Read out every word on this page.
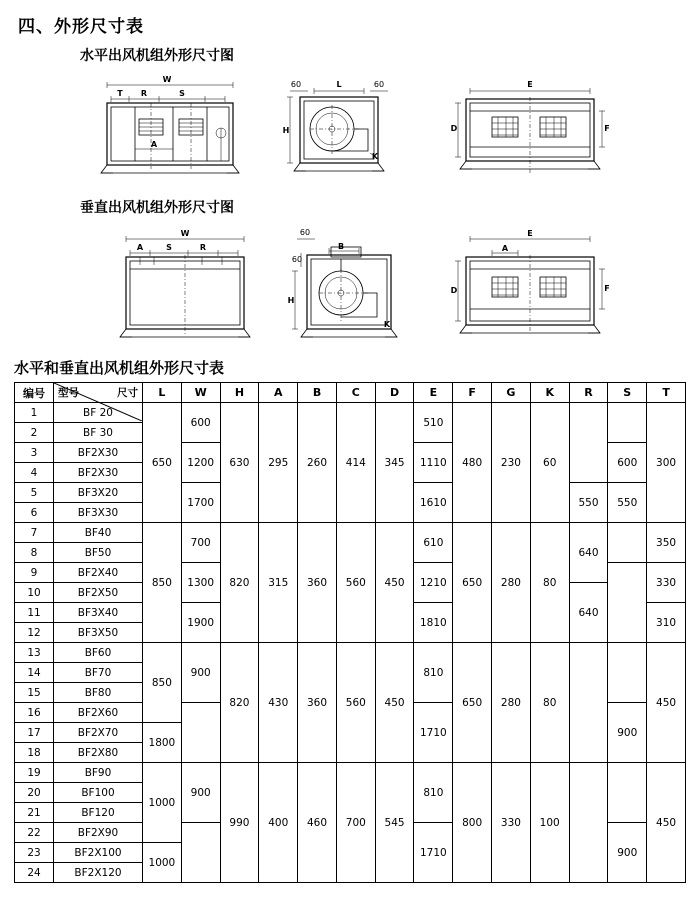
四、外形尺寸表

水平出风机组外形尺寸图

W
T R	S
A
60	L	60
H
K
E
F
D

垂直出风机组外形尺寸图

W
A	S	R
60
B
60
H
K
E
A
F
D

水平和垂直出风机组外形尺寸表

编号	尺寸
型号	L	W	H	A	B	C	D	E	F	G	K	R	S	T
1	BF 20	650	600	630	295	260	414	345	510	480	230	60			300
2	BF 30														
3	BF2X30		1200						1110					600	
4	BF2X30														
5	BF3X20		1700						1610				550	550	
6	BF3X30														
7	BF40	850	700	820	315	360	560	450	610	650	280	80	640		350
8	BF50														
9	BF2X40		1300						1210						330
10	BF2X50												640		
11	BF3X40		1900						1810						310
12	BF3X50														
13	BF60	850	900	820	430	360	560	450	810	650	280	80			450
14	BF70														
15	BF80														
16	BF2X60								1710					900	
17	BF2X70	1800													
18	BF2X80														
19	BF90	1000	900	990	400	460	700	545	810	800	330	100			450
20	BF100														
21	BF120														
22	BF2X90								1710					900	
23	BF2X100	1000													
24	BF2X120														
